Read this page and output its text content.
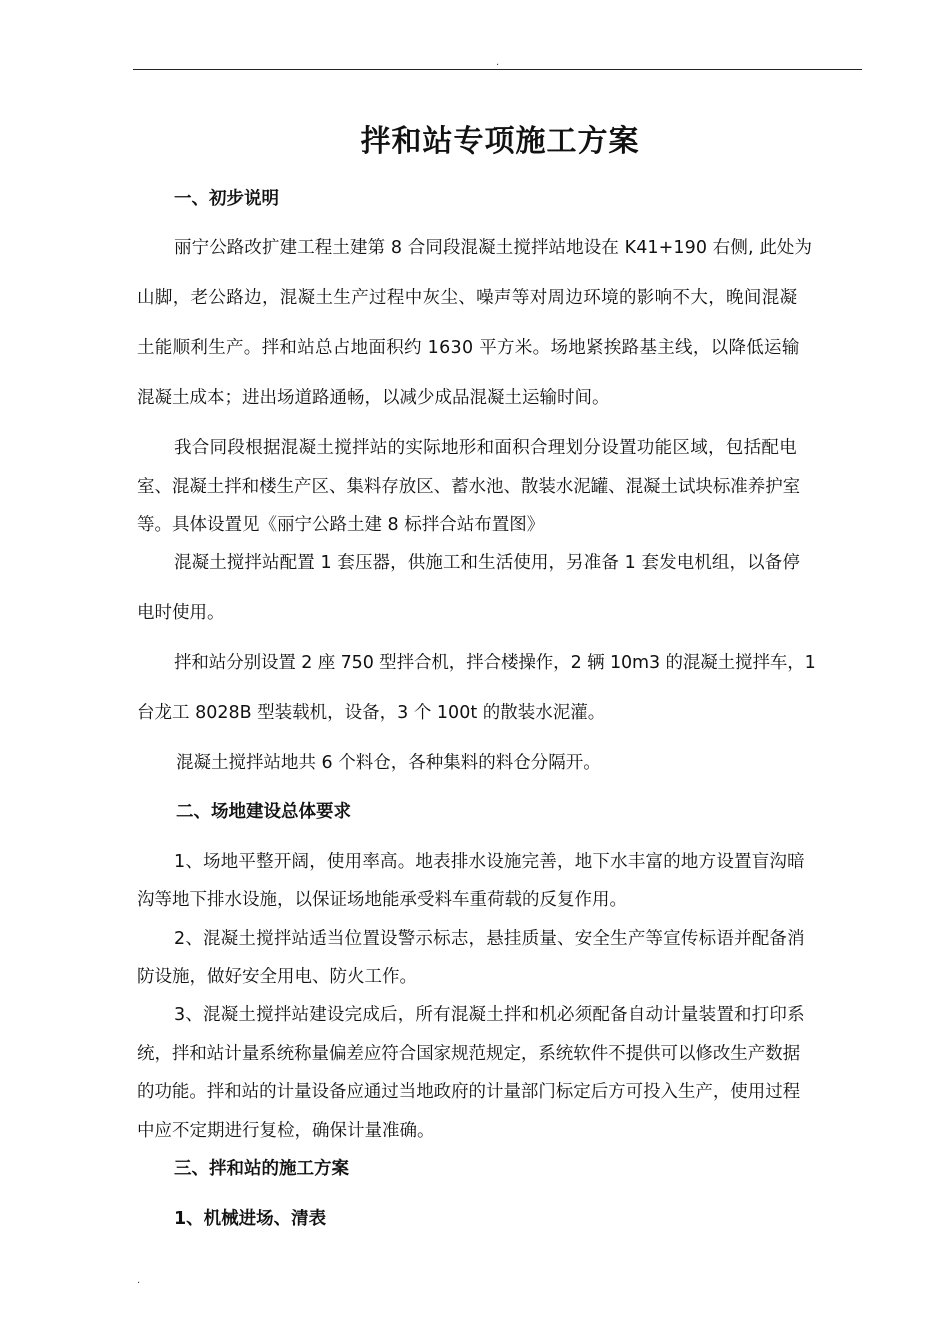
.
拌和站专项施工方案
一、初步说明
丽宁公路改扩建工程土建第 8 合同段混凝土搅拌站地设在 K41+190 右侧, 此处为
山脚，老公路边，混凝土生产过程中灰尘、噪声等对周边环境的影响不大，晚间混凝
土能顺利生产。拌和站总占地面积约 1630 平方米。场地紧挨路基主线，以降低运输
混凝土成本；进出场道路通畅，以减少成品混凝土运输时间。
我合同段根据混凝土搅拌站的实际地形和面积合理划分设置功能区域，包括配电
室、混凝土拌和楼生产区、集料存放区、蓄水池、散装水泥罐、混凝土试块标准养护室
等。具体设置见《丽宁公路土建 8 标拌合站布置图》
混凝土搅拌站配置 1 套压器，供施工和生活使用，另准备 1 套发电机组，以备停
电时使用。
拌和站分别设置 2 座 750 型拌合机，拌合楼操作，2 辆 10m3 的混凝土搅拌车，1
台龙工 8028B 型装载机，设备，3 个 100t 的散装水泥灌。
混凝土搅拌站地共 6 个料仓，各种集料的料仓分隔开。
二、场地建设总体要求
1、场地平整开阔，使用率高。地表排水设施完善，地下水丰富的地方设置盲沟暗
沟等地下排水设施，以保证场地能承受料车重荷载的反复作用。
2、混凝土搅拌站适当位置设警示标志，悬挂质量、安全生产等宣传标语并配备消
防设施，做好安全用电、防火工作。
3、混凝土搅拌站建设完成后，所有混凝土拌和机必须配备自动计量装置和打印系
统，拌和站计量系统称量偏差应符合国家规范规定，系统软件不提供可以修改生产数据
的功能。拌和站的计量设备应通过当地政府的计量部门标定后方可投入生产，使用过程
中应不定期进行复检，确保计量准确。
三、拌和站的施工方案
1、机械进场、清表
.
